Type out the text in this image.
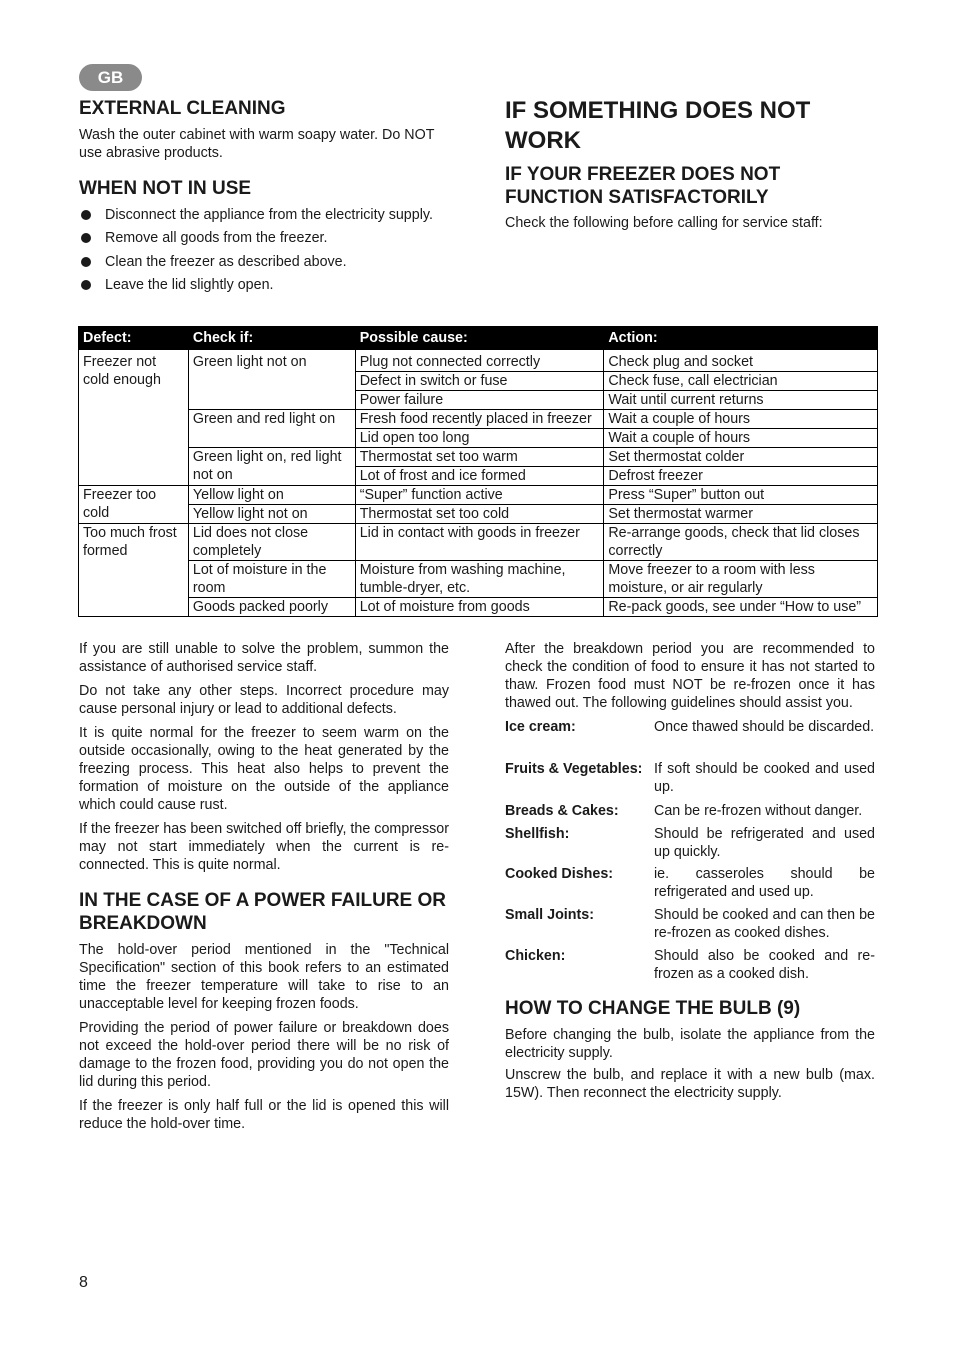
GB
EXTERNAL CLEANING

Wash the outer cabinet with warm soapy water. Do NOT use abrasive products.

WHEN NOT IN USE
Disconnect the appliance from the electricity supply.
Remove all goods from the freezer.
Clean the freezer as described above.
Leave the lid slightly open.
IF SOMETHING DOES NOT
WORK
IF YOUR FREEZER DOES NOT
FUNCTION SATISFACTORILY

Check the following before calling for service staff:

Defect:	Check if:	Possible cause:	Action:
Freezer not cold enough	Green light not on	Plug not connected correctly	Check plug and socket
		Defect in switch or fuse	Check fuse, call electrician
		Power failure	Wait until current returns
	Green and red light on	Fresh food recently placed in freezer	Wait a couple of hours
		Lid open too long	Wait a couple of hours
	Green light on, red light not on	Thermostat set too warm	Set thermostat colder
		Lot of frost and ice formed	Defrost freezer
Freezer too cold	Yellow light on	“Super” function active	Press “Super” button out
	Yellow light not on	Thermostat set too cold	Set thermostat warmer
Too much frost formed	Lid does not close completely	Lid in contact with goods in freezer	Re-arrange goods, check that lid closes correctly
	Lot of moisture in the room	Moisture from washing machine, tumble-dryer, etc.	Move freezer to a room with less moisture, or air regularly
	Goods packed poorly	Lot of moisture from goods	Re-pack goods, see under “How to use”

If you are still unable to solve the problem, summon the assistance of authorised service staff.

Do not take any other steps. Incorrect procedure may cause personal injury or lead to additional defects.

It is quite normal for the freezer to seem warm on the outside occasionally, owing to the heat generated by the freezing process. This heat also helps to prevent the formation of moisture on the outside of the appliance which could cause rust.

If the freezer has been switched off briefly, the compressor may not start immediately when the current is re-connected. This is quite normal.

IN THE CASE OF A POWER FAILURE OR
BREAKDOWN

The hold-over period mentioned in the "Technical Specification" section of this book refers to an estimated time the freezer temperature will take to rise to an unacceptable level for keeping frozen foods.

Providing the period of power failure or breakdown does not exceed the hold-over period there will be no risk of damage to the frozen food, providing you do not open the lid during this period.

If the freezer is only half full or the lid is opened this will reduce the hold-over time.

After the breakdown period you are recommended to check the condition of food to ensure it has not started to thaw. Frozen food must NOT be re-frozen once it has thawed out. The following guidelines should assist you.

Ice cream:	Once thawed should be discarded.
Fruits & Vegetables: If soft should be cooked and used up.
Breads & Cakes:	Can be re-frozen without danger.
Shellfish:	Should be refrigerated and used up quickly.
Cooked Dishes:	ie. casseroles should be refrigerated and used up.
Small Joints:	Should be cooked and can then be re-frozen as cooked dishes.
Chicken:	Should also be cooked and re-frozen as a cooked dish.
HOW TO CHANGE THE BULB (9)

Before changing the bulb, isolate the appliance from the electricity supply.

Unscrew the bulb, and replace it with a new bulb (max. 15W). Then reconnect the electricity supply.

8
